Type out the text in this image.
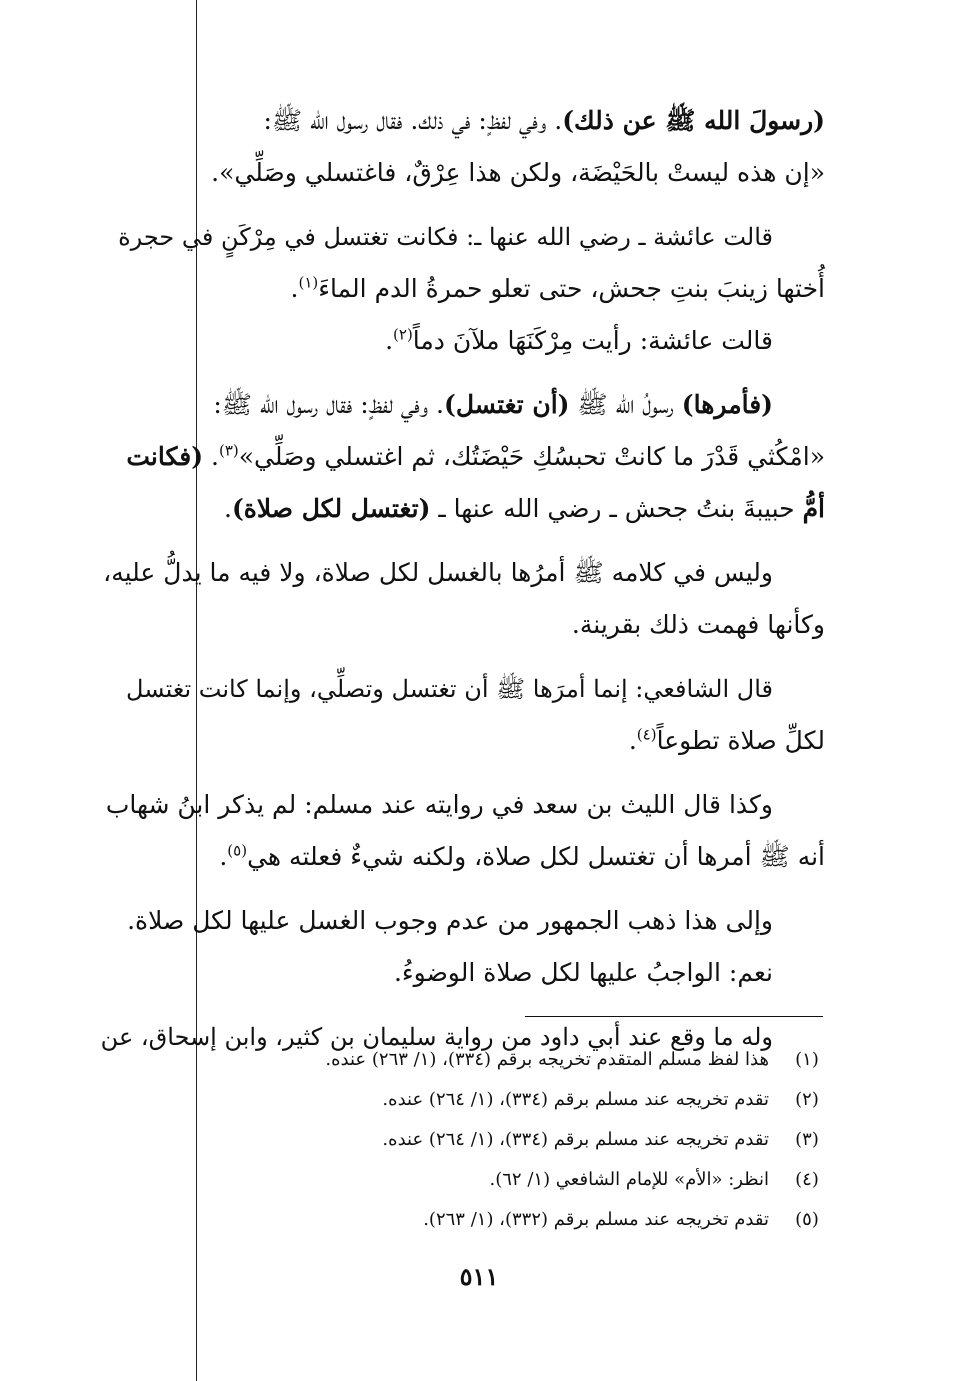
(رسولَ الله ﷺ عن ذلك). وفي لفظٍ: في ذلك. فقال رسول الله ﷺ:
«إن هذه ليستْ بالحَيْضَة، ولكن هذا عِرْقٌ، فاغتسلي وصَلِّي».
قالت عائشة ـ رضي الله عنها ـ: فكانت تغتسل في مِرْكَنٍ في حجرة
أُختها زينبَ بنتِ جحش، حتى تعلو حمرةُ الدم الماءَ$^{(١)}$.
قالت عائشة: رأيت مِرْكَنَهَا ملآنَ دماً$^{(٢)}$.
(فأمرها) رسولُ الله ﷺ (أن تغتسل). وفي لفظٍ: فقال رسول الله ﷺ:
«امْكُثي قَدْرَ ما كانتْ تحبسُكِ حَيْضَتُك، ثم اغتسلي وصَلِّي»$^{(٣)}$. (فكانت
أمُّ حبيبةَ بنتُ جحش ـ رضي الله عنها ـ (تغتسل لكل صلاة).
وليس في كلامه ﷺ أمرُها بالغسل لكل صلاة، ولا فيه ما يدلُّ عليه،
وكأنها فهمت ذلك بقرينة.
قال الشافعي: إنما أمرَها ﷺ أن تغتسل وتصلِّي، وإنما كانت تغتسل
لكلِّ صلاة تطوعاً$^{(٤)}$.
وكذا قال الليث بن سعد في روايته عند مسلم: لم يذكر ابنُ شهاب
أنه ﷺ أمرها أن تغتسل لكل صلاة، ولكنه شيءٌ فعلته هي$^{(٥)}$.
وإلى هذا ذهب الجمهور من عدم وجوب الغسل عليها لكل صلاة.
نعم: الواجبُ عليها لكل صلاة الوضوءُ.
وله ما وقع عند أبي داود من رواية سليمان بن كثير، وابن إسحاق، عن
(١)
هذا لفظ مسلم المتقدم تخريجه برقم (٣٣٤)، (١/ ٢٦٣) عنده.
(٢)
تقدم تخريجه عند مسلم برقم (٣٣٤)، (١/ ٢٦٤) عنده.
(٣)
تقدم تخريجه عند مسلم برقم (٣٣٤)، (١/ ٢٦٤) عنده.
(٤)
انظر: «الأم» للإمام الشافعي (١/ ٦٢).
(٥)
تقدم تخريجه عند مسلم برقم (٣٣٢)، (١/ ٢٦٣).
٥١١
